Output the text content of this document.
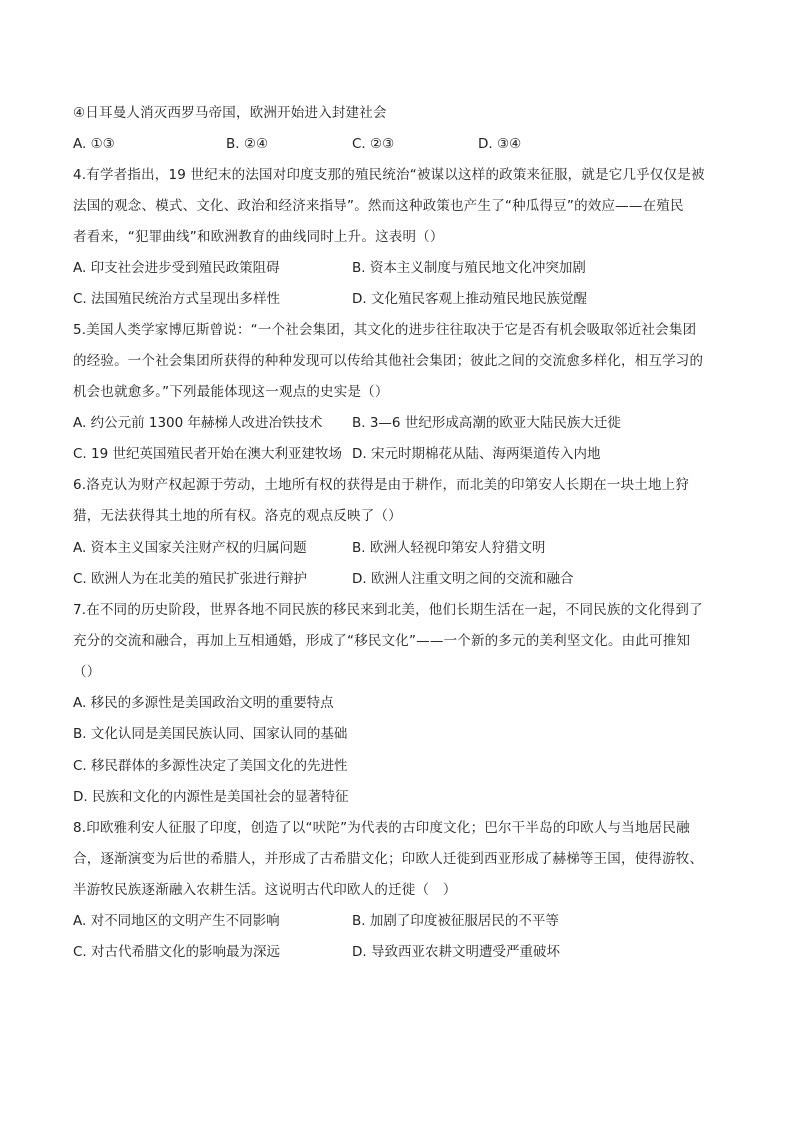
④日耳曼人消灭西罗马帝国，欧洲开始进入封建社会
A. ①③	B. ②④	C. ②③	D. ③④
4.有学者指出，19 世纪末的法国对印度支那的殖民统治“被谋以这样的政策来征服，就是它几乎仅仅是被
法国的观念、模式、文化、政治和经济来指导”。然而这种政策也产生了“种瓜得豆”的效应——在殖民
者看来，“犯罪曲线”和欧洲教育的曲线同时上升。这表明（）
A. 印支社会进步受到殖民政策阻碍	B. 资本主义制度与殖民地文化冲突加剧
C. 法国殖民统治方式呈现出多样性	D. 文化殖民客观上推动殖民地民族觉醒
5.美国人类学家博厄斯曾说：“一个社会集团，其文化的进步往往取决于它是否有机会吸取邻近社会集团
的经验。一个社会集团所获得的种种发现可以传给其他社会集团；彼此之间的交流愈多样化，相互学习的
机会也就愈多。”下列最能体现这一观点的史实是（）
A. 约公元前 1300 年赫梯人改进冶铁技术 B. 3—6 世纪形成高潮的欧亚大陆民族大迁徙
C. 19 世纪英国殖民者开始在澳大利亚建牧场 D. 宋元时期棉花从陆、海两渠道传入内地
6.洛克认为财产权起源于劳动，土地所有权的获得是由于耕作，而北美的印第安人长期在一块土地上狩
猎，无法获得其土地的所有权。洛克的观点反映了（）
A. 资本主义国家关注财产权的归属问题	B. 欧洲人轻视印第安人狩猎文明
C. 欧洲人为在北美的殖民扩张进行辩护	D. 欧洲人注重文明之间的交流和融合
7.在不同的历史阶段，世界各地不同民族的移民来到北美，他们长期生活在一起，不同民族的文化得到了
充分的交流和融合，再加上互相通婚，形成了“移民文化”——一个新的多元的美利坚文化。由此可推知
（）
A. 移民的多源性是美国政治文明的重要特点
B. 文化认同是美国民族认同、国家认同的基础
C. 移民群体的多源性决定了美国文化的先进性
D. 民族和文化的内源性是美国社会的显著特征
8.印欧雅利安人征服了印度，创造了以“吠陀”为代表的古印度文化；巴尔干半岛的印欧人与当地居民融
合，逐渐演变为后世的希腊人，并形成了古希腊文化；印欧人迁徙到西亚形成了赫梯等王国，使得游牧、
半游牧民族逐渐融入农耕生活。这说明古代印欧人的迁徙（　）
A. 对不同地区的文明产生不同影响	B. 加剧了印度被征服居民的不平等
C. 对古代希腊文化的影响最为深远	D. 导致西亚农耕文明遭受严重破坏
